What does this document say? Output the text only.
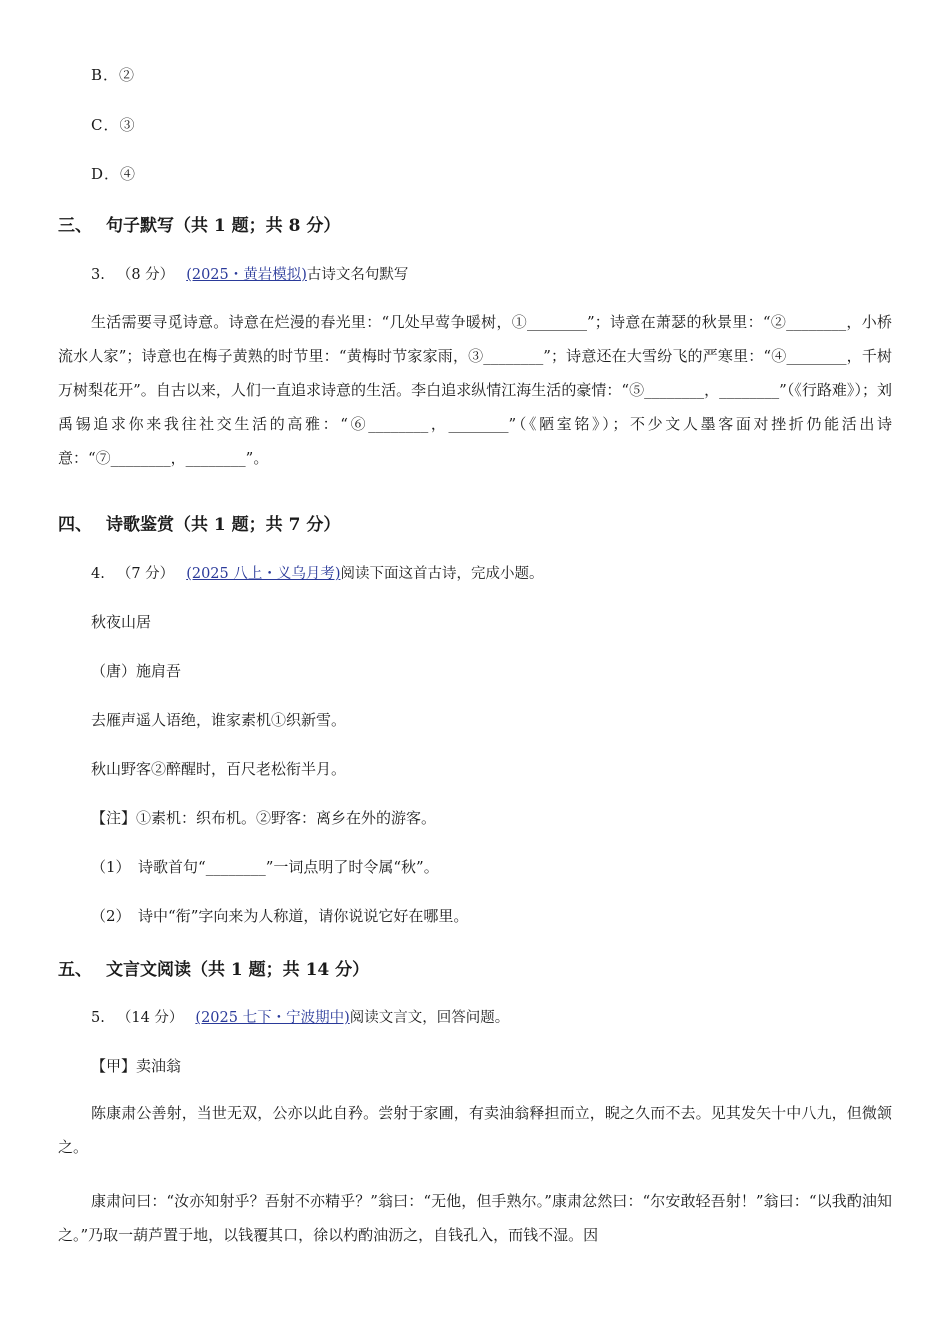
B．②
C．③
D．④
三、 句子默写（共 1 题；共 8 分）
3. （8 分） (2025・黄岩模拟)古诗文名句默写
生活需要寻觅诗意。诗意在烂漫的春光里：“几处早莺争暖树，①________”；诗意在萧瑟的秋景里：“②________，小桥流水人家”；诗意也在梅子黄熟的时节里：“黄梅时节家家雨，③________”；诗意还在大雪纷飞的严寒里：“④________，千树万树梨花开”。自古以来，人们一直追求诗意的生活。李白追求纵情江海生活的豪情：“⑤________，________”（《行路难》）；刘禹锡追求你来我往社交生活的高雅：“⑥________，________”（《陋室铭》）；不少文人墨客面对挫折仍能活出诗意：“⑦________，________”。
四、 诗歌鉴赏（共 1 题；共 7 分）
4. （7 分） (2025 八上・义乌月考)阅读下面这首古诗，完成小题。
秋夜山居
（唐）施肩吾
去雁声遥人语绝，谁家素机①织新雪。
秋山野客②醉醒时，百尺老松衔半月。
【注】①素机：织布机。②野客：离乡在外的游客。
（1）　诗歌首句“________”一词点明了时令属“秋”。
（2）　诗中“衔”字向来为人称道，请你说说它好在哪里。
五、 文言文阅读（共 1 题；共 14 分）
5. （14 分） (2025 七下・宁波期中)阅读文言文，回答问题。
【甲】卖油翁
陈康肃公善射，当世无双，公亦以此自矜。尝射于家圃，有卖油翁释担而立，睨之久而不去。见其发矢十中八九，但微颔之。
康肃问曰：“汝亦知射乎？吾射不亦精乎？”翁曰：“无他，但手熟尔。”康肃忿然曰：“尔安敢轻吾射！”翁曰：“以我酌油知之。”乃取一葫芦置于地，以钱覆其口，徐以杓酌油沥之，自钱孔入，而钱不湿。因
